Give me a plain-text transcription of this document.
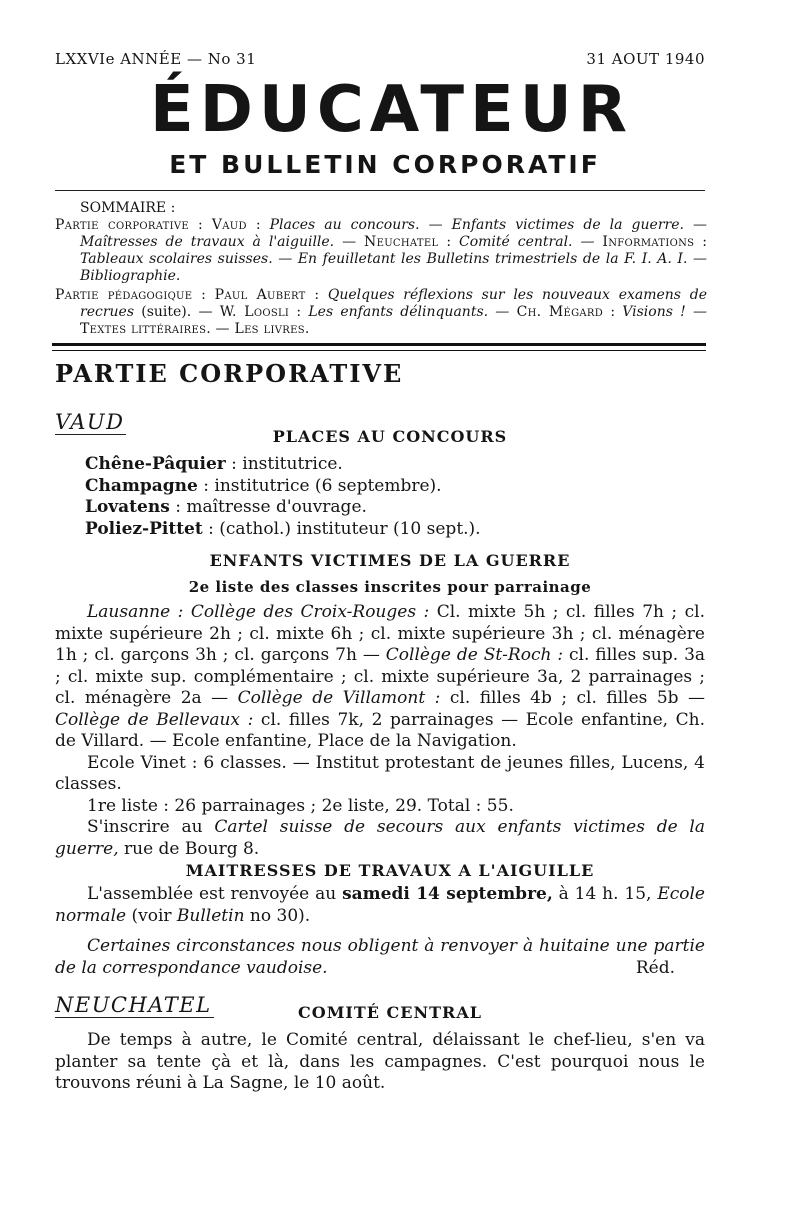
LXXVIe ANNÉE — No 31	31 AOUT 1940
ÉDUCATEUR
ET BULLETIN CORPORATIF
SOMMAIRE :

Partie corporative : Vaud : Places au concours. — Enfants victimes de la guerre. — Maîtresses de travaux à l'aiguille. — Neuchatel : Comité central. — Informations : Tableaux scolaires suisses. — En feuilletant les Bulletins trimestriels de la F. I. A. I. — Bibliographie.

Partie pédagogique : Paul Aubert : Quelques réflexions sur les nouveaux examens de recrues (suite). — W. Loosli : Les enfants délinquants. — Ch. Mégard : Visions ! — Textes littéraires. — Les livres.

PARTIE CORPORATIVE
VAUD
PLACES AU CONCOURS
Chêne-Pâquier : institutrice.
Champagne : institutrice (6 septembre).
Lovatens : maîtresse d'ouvrage.
Poliez-Pittet : (cathol.) instituteur (10 sept.).
ENFANTS VICTIMES DE LA GUERRE
2e liste des classes inscrites pour parrainage

Lausanne : Collège des Croix-Rouges : Cl. mixte 5h ; cl. filles 7h ; cl. mixte supérieure 2h ; cl. mixte 6h ; cl. mixte supérieure 3h ; cl. ménagère 1h ; cl. garçons 3h ; cl. garçons 7h — Collège de St-Roch : cl. filles sup. 3a ; cl. mixte sup. complémentaire ; cl. mixte supérieure 3a, 2 parrainages ; cl. ménagère 2a — Collège de Villamont : cl. filles 4b ; cl. filles 5b — Collège de Bellevaux : cl. filles 7k, 2 parrainages — Ecole enfantine, Ch. de Villard. — Ecole enfantine, Place de la Navigation.

Ecole Vinet : 6 classes. — Institut protestant de jeunes filles, Lucens, 4 classes.

1re liste : 26 parrainages ; 2e liste, 29. Total : 55.

S'inscrire au Cartel suisse de secours aux enfants victimes de la guerre, rue de Bourg 8.

MAITRESSES DE TRAVAUX A L'AIGUILLE

L'assemblée est renvoyée au samedi 14 septembre, à 14 h. 15, Ecole normale (voir Bulletin no 30).

Certaines circonstances nous obligent à renvoyer à huitaine une partie de la correspondance vaudoise.	Réd.

NEUCHATEL	COMITÉ CENTRAL

De temps à autre, le Comité central, délaissant le chef-lieu, s'en va planter sa tente çà et là, dans les campagnes. C'est pourquoi nous le trouvons réuni à La Sagne, le 10 août.
